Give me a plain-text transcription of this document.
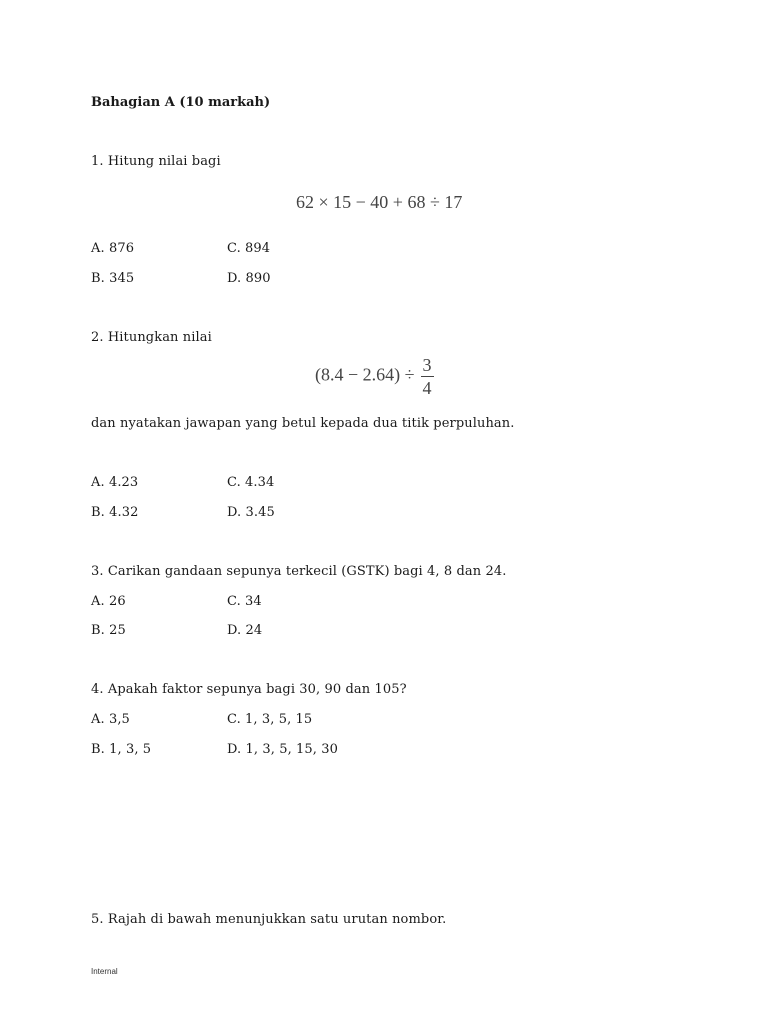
Bahagian A (10 markah)
1. Hitung nilai bagi
62 × 15 − 40 + 68 ÷ 17
A. 876	C. 894
B. 345	D. 890
2. Hitungkan nilai
$(8.4 - 2.64) \div \frac{3}{4}$
dan nyatakan jawapan yang betul kepada dua titik perpuluhan.
A. 4.23	C. 4.34
B. 4.32	D. 3.45
3. Carikan gandaan sepunya terkecil (GSTK) bagi 4, 8 dan 24.
A. 26	C. 34
B. 25	D. 24
4. Apakah faktor sepunya bagi 30, 90 dan 105?
A. 3,5	C. 1, 3, 5, 15
B. 1, 3, 5	D. 1, 3, 5, 15, 30
5. Rajah di bawah menunjukkan satu urutan nombor.
Internal
